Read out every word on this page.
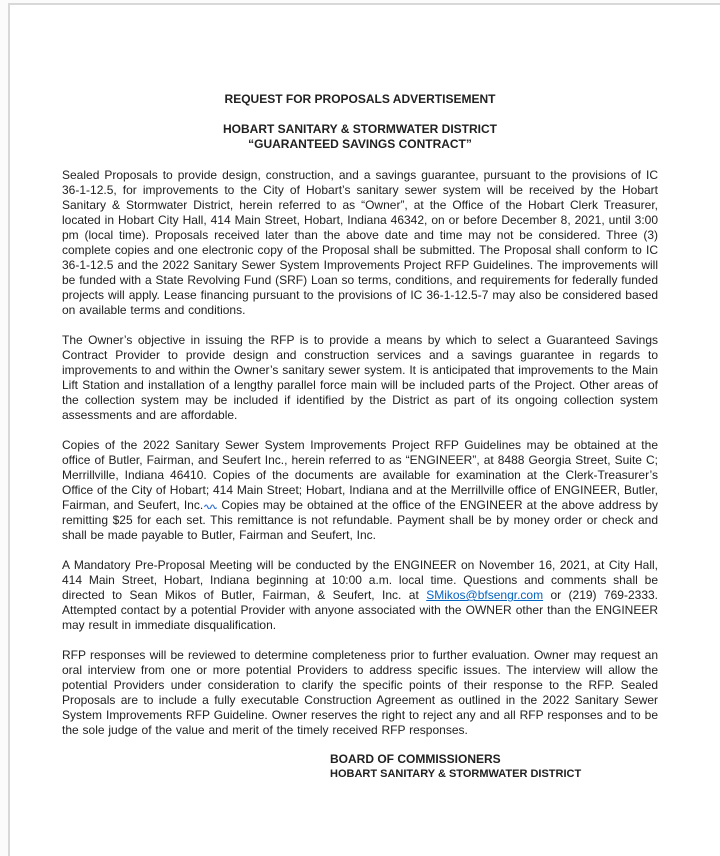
REQUEST FOR PROPOSALS ADVERTISEMENT
HOBART SANITARY & STORMWATER DISTRICT
“GUARANTEED SAVINGS CONTRACT”

Sealed Proposals to provide design, construction, and a savings guarantee, pursuant to the provisions of IC 36-1-12.5, for improvements to the City of Hobart’s sanitary sewer system will be received by the Hobart Sanitary & Stormwater District, herein referred to as “Owner”, at the Office of the Hobart Clerk Treasurer, located in Hobart City Hall, 414 Main Street, Hobart, Indiana 46342, on or before December 8, 2021, until 3:00 pm (local time). Proposals received later than the above date and time may not be considered. Three (3) complete copies and one electronic copy of the Proposal shall be submitted. The Proposal shall conform to IC 36-1-12.5 and the 2022 Sanitary Sewer System Improvements Project RFP Guidelines. The improvements will be funded with a State Revolving Fund (SRF) Loan so terms, conditions, and requirements for federally funded projects will apply. Lease financing pursuant to the provisions of IC 36-1-12.5-7 may also be considered based on available terms and conditions.

The Owner’s objective in issuing the RFP is to provide a means by which to select a Guaranteed Savings Contract Provider to provide design and construction services and a savings guarantee in regards to improvements to and within the Owner’s sanitary sewer system. It is anticipated that improvements to the Main Lift Station and installation of a lengthy parallel force main will be included parts of the Project. Other areas of the collection system may be included if identified by the District as part of its ongoing collection system assessments and are affordable.

Copies of the 2022 Sanitary Sewer System Improvements Project RFP Guidelines may be obtained at the office of Butler, Fairman, and Seufert Inc., herein referred to as “ENGINEER”, at 8488 Georgia Street, Suite C; Merrillville, Indiana 46410. Copies of the documents are available for examination at the Clerk-Treasurer’s Office of the City of Hobart; 414 Main Street; Hobart, Indiana and at the Merrillville office of ENGINEER, Butler, Fairman, and Seufert, Inc. Copies may be obtained at the office of the ENGINEER at the above address by remitting $25 for each set. This remittance is not refundable. Payment shall be by money order or check and shall be made payable to Butler, Fairman and Seufert, Inc.

A Mandatory Pre-Proposal Meeting will be conducted by the ENGINEER on November 16, 2021, at City Hall, 414 Main Street, Hobart, Indiana beginning at 10:00 a.m. local time. Questions and comments shall be directed to Sean Mikos of Butler, Fairman, & Seufert, Inc. at SMikos@bfsengr.com or (219) 769-2333. Attempted contact by a potential Provider with anyone associated with the OWNER other than the ENGINEER may result in immediate disqualification.

RFP responses will be reviewed to determine completeness prior to further evaluation. Owner may request an oral interview from one or more potential Providers to address specific issues. The interview will allow the potential Providers under consideration to clarify the specific points of their response to the RFP. Sealed Proposals are to include a fully executable Construction Agreement as outlined in the 2022 Sanitary Sewer System Improvements RFP Guideline. Owner reserves the right to reject any and all RFP responses and to be the sole judge of the value and merit of the timely received RFP responses.

BOARD OF COMMISSIONERS
HOBART SANITARY & STORMWATER DISTRICT
